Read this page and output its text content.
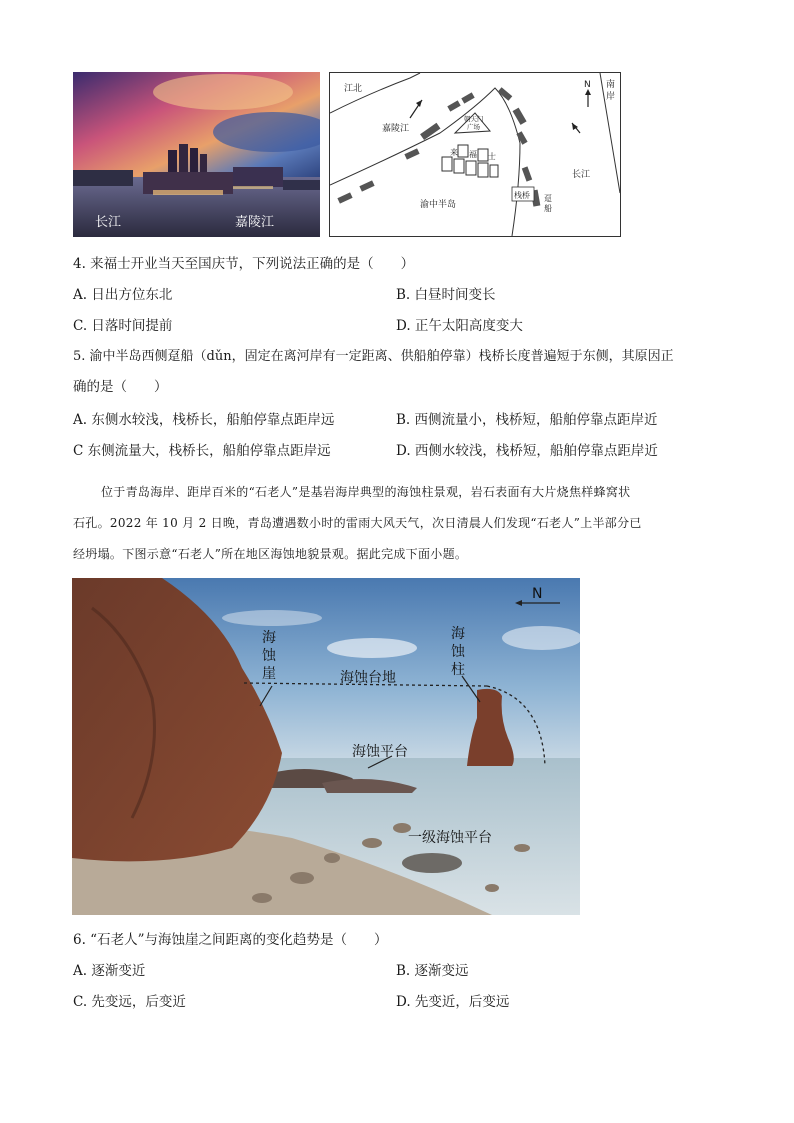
长江	嘉陵江
江北	南
岸
嘉陵江
长江
渝中半岛
N
朝天门
广场
来 福 士
栈桥 趸
船
4. 来福士开业当天至国庆节，下列说法正确的是（　　）
A. 日出方位东北	B. 白昼时间变长
C. 日落时间提前	D. 正午太阳高度变大
5. 渝中半岛西侧趸船（dǔn，固定在离河岸有一定距离、供船舶停靠）栈桥长度普遍短于东侧，其原因正
确的是（　　）
A. 东侧水较浅，栈桥长，船舶停靠点距岸远	B. 西侧流量小，栈桥短，船舶停靠点距岸近
C 东侧流量大，栈桥长，船舶停靠点距岸远	D. 西侧水较浅，栈桥短，船舶停靠点距岸近
位于青岛海岸、距岸百米的“石老人”是基岩海岸典型的海蚀柱景观，岩石表面有大片烧焦样蜂窝状
石孔。2022 年 10 月 2 日晚，青岛遭遇数小时的雷雨大风天气，次日清晨人们发现“石老人”上半部分已
经坍塌。下图示意“石老人”所在地区海蚀地貌景观。据此完成下面小题。
N
海
蚀
崖
海
蚀
柱
海蚀台地
海蚀平台
一级海蚀平台
6. “石老人”与海蚀崖之间距离的变化趋势是（　　）
A. 逐渐变近	B. 逐渐变远
C. 先变远，后变近	D. 先变近，后变远
